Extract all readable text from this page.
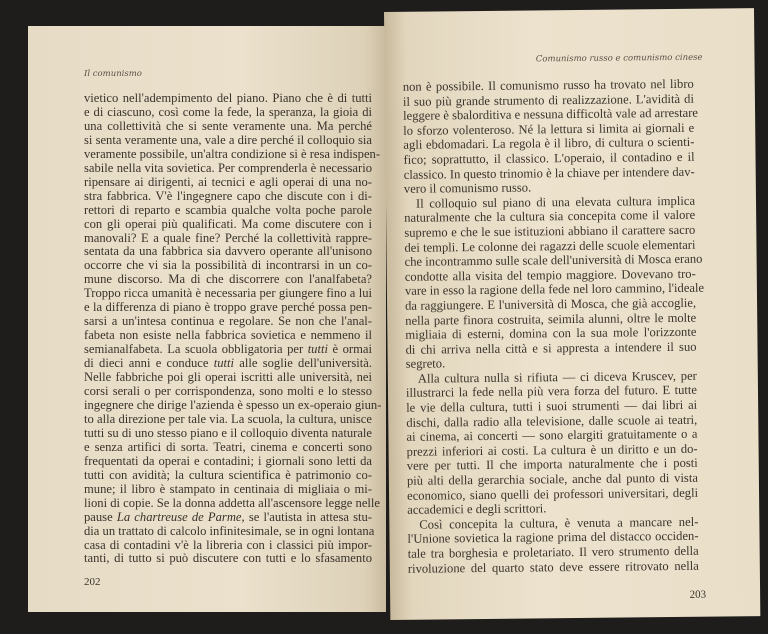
Il comunismo
vietico nell'adempimento del piano. Piano che è di tutti
e di ciascuno, così come la fede, la speranza, la gioia di
una collettività che si sente veramente una. Ma perché
si senta veramente una, vale a dire perché il colloquio sia
veramente possibile, un'altra condizione si è resa indispen-
sabile nella vita sovietica. Per comprenderla è necessario
ripensare ai dirigenti, ai tecnici e agli operai di una no-
stra fabbrica. V'è l'ingegnere capo che discute con i di-
rettori di reparto e scambia qualche volta poche parole
con gli operai più qualificati. Ma come discutere con i
manovali? E a quale fine? Perché la collettività rappre-
sentata da una fabbrica sia davvero operante all'unisono
occorre che vi sia la possibilità di incontrarsi in un co-
mune discorso. Ma di che discorrere con l'analfabeta?
Troppo ricca umanità è necessaria per giungere fino a lui
e la differenza di piano è troppo grave perché possa pen-
sarsi a un'intesa continua e regolare. Se non che l'anal-
fabeta non esiste nella fabbrica sovietica e nemmeno il
semianalfabeta. La scuola obbligatoria per tutti è ormai
di dieci anni e conduce tutti alle soglie dell'università.
Nelle fabbriche poi gli operai iscritti alle università, nei
corsi serali o per corrispondenza, sono molti e lo stesso
ingegnere che dirige l'azienda è spesso un ex-operaio giun-
to alla direzione per tale via. La scuola, la cultura, unisce
tutti su di uno stesso piano e il colloquio diventa naturale
e senza artifici di sorta. Teatri, cinema e concerti sono
frequentati da operai e contadini; i giornali sono letti da
tutti con avidità; la cultura scientifica è patrimonio co-
mune; il libro è stampato in centinaia di migliaia o mi-
lioni di copie. Se la donna addetta all'ascensore legge nelle
pause La chartreuse de Parme, se l'autista in attesa stu-
dia un trattato di calcolo infinitesimale, se in ogni lontana
casa di contadini v'è la libreria con i classici più impor-
tanti, di tutto si può discutere con tutti e lo sfasamento
202
Comunismo russo e comunismo cinese
non è possibile. Il comunismo russo ha trovato nel libro
il suo più grande strumento di realizzazione. L'avidità di
leggere è sbalorditiva e nessuna difficoltà vale ad arrestare
lo sforzo volenteroso. Né la lettura si limita ai giornali e
agli ebdomadari. La regola è il libro, di cultura o scienti-
fico; soprattutto, il classico. L'operaio, il contadino e il
classico. In questo trinomio è la chiave per intendere dav-
vero il comunismo russo.
Il colloquio sul piano di una elevata cultura implica
naturalmente che la cultura sia concepita come il valore
supremo e che le sue istituzioni abbiano il carattere sacro
dei templi. Le colonne dei ragazzi delle scuole elementari
che incontrammo sulle scale dell'università di Mosca erano
condotte alla visita del tempio maggiore. Dovevano tro-
vare in esso la ragione della fede nel loro cammino, l'ideale
da raggiungere. E l'università di Mosca, che già accoglie,
nella parte finora costruita, seimila alunni, oltre le molte
migliaia di esterni, domina con la sua mole l'orizzonte
di chi arriva nella città e si appresta a intendere il suo
segreto.
Alla cultura nulla si rifiuta — ci diceva Kruscev, per
illustrarci la fede nella più vera forza del futuro. E tutte
le vie della cultura, tutti i suoi strumenti — dai libri ai
dischi, dalla radio alla televisione, dalle scuole ai teatri,
ai cinema, ai concerti — sono elargiti gratuitamente o a
prezzi inferiori ai costi. La cultura è un diritto e un do-
vere per tutti. Il che importa naturalmente che i posti
più alti della gerarchia sociale, anche dal punto di vista
economico, siano quelli dei professori universitari, degli
accademici e degli scrittori.
Così concepita la cultura, è venuta a mancare nel-
l'Unione sovietica la ragione prima del distacco occiden-
tale tra borghesia e proletariato. Il vero strumento della
rivoluzione del quarto stato deve essere ritrovato nella
203
